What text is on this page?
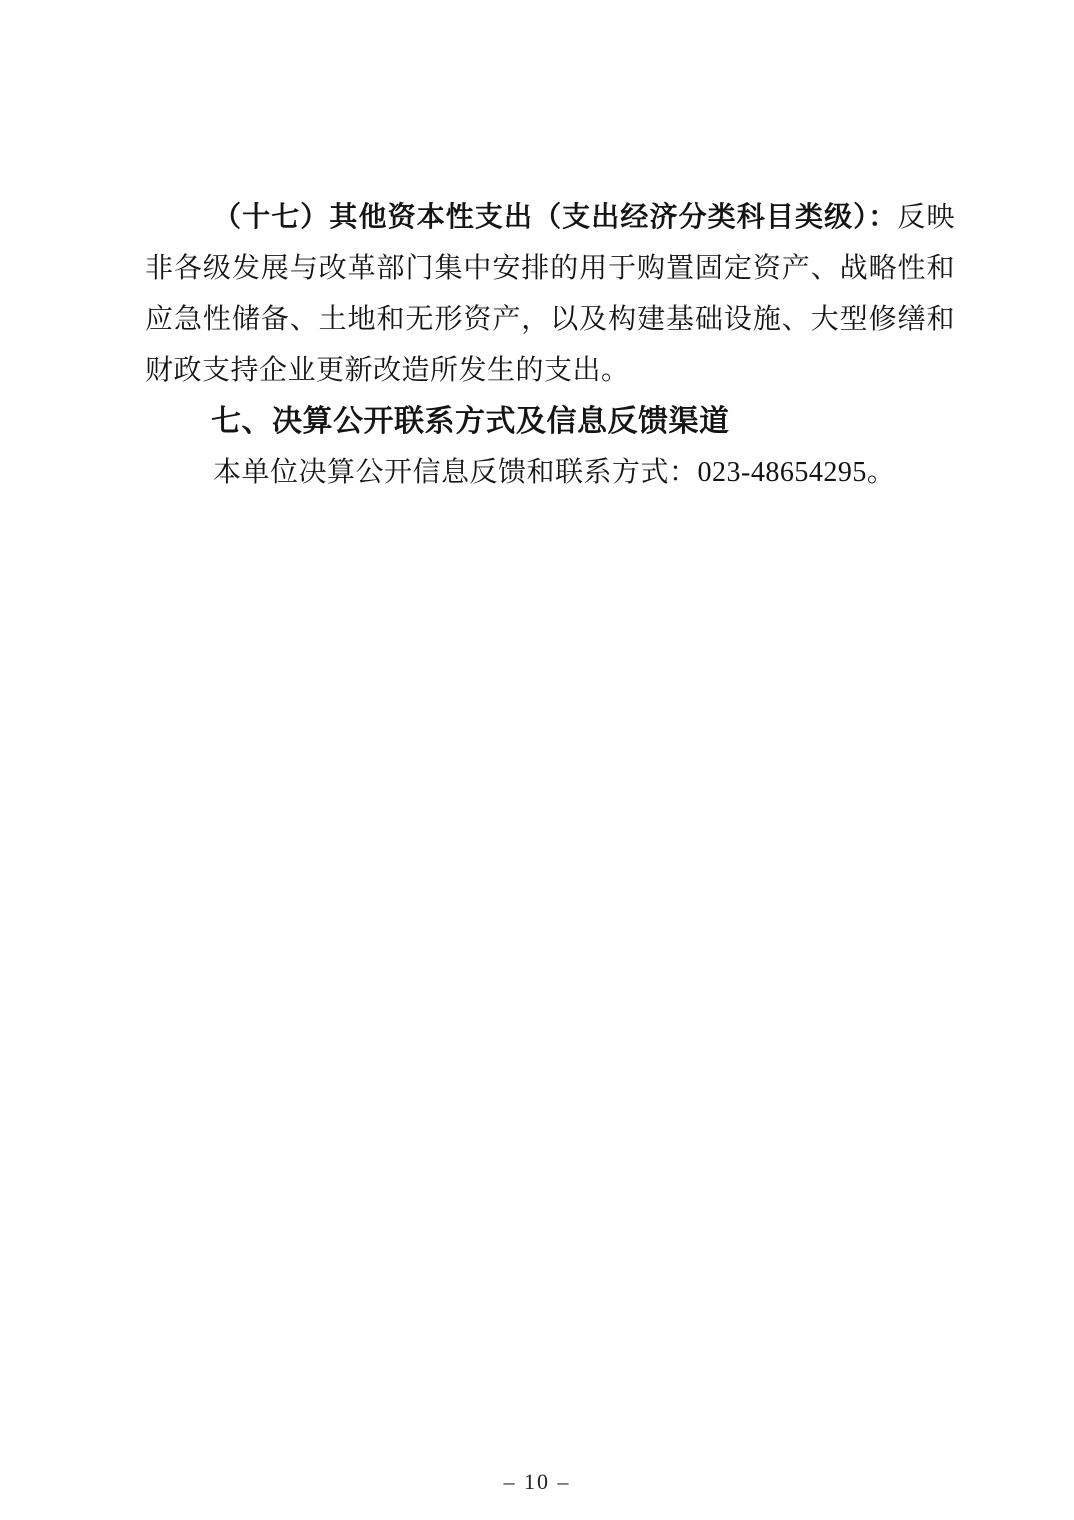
（十七）其他资本性支出（支出经济分类科目类级）：反映非各级发展与改革部门集中安排的用于购置固定资产、战略性和应急性储备、土地和无形资产，以及构建基础设施、大型修缮和财政支持企业更新改造所发生的支出。

七、决算公开联系方式及信息反馈渠道

本单位决算公开信息反馈和联系方式：023-48654295。

– 10 –
